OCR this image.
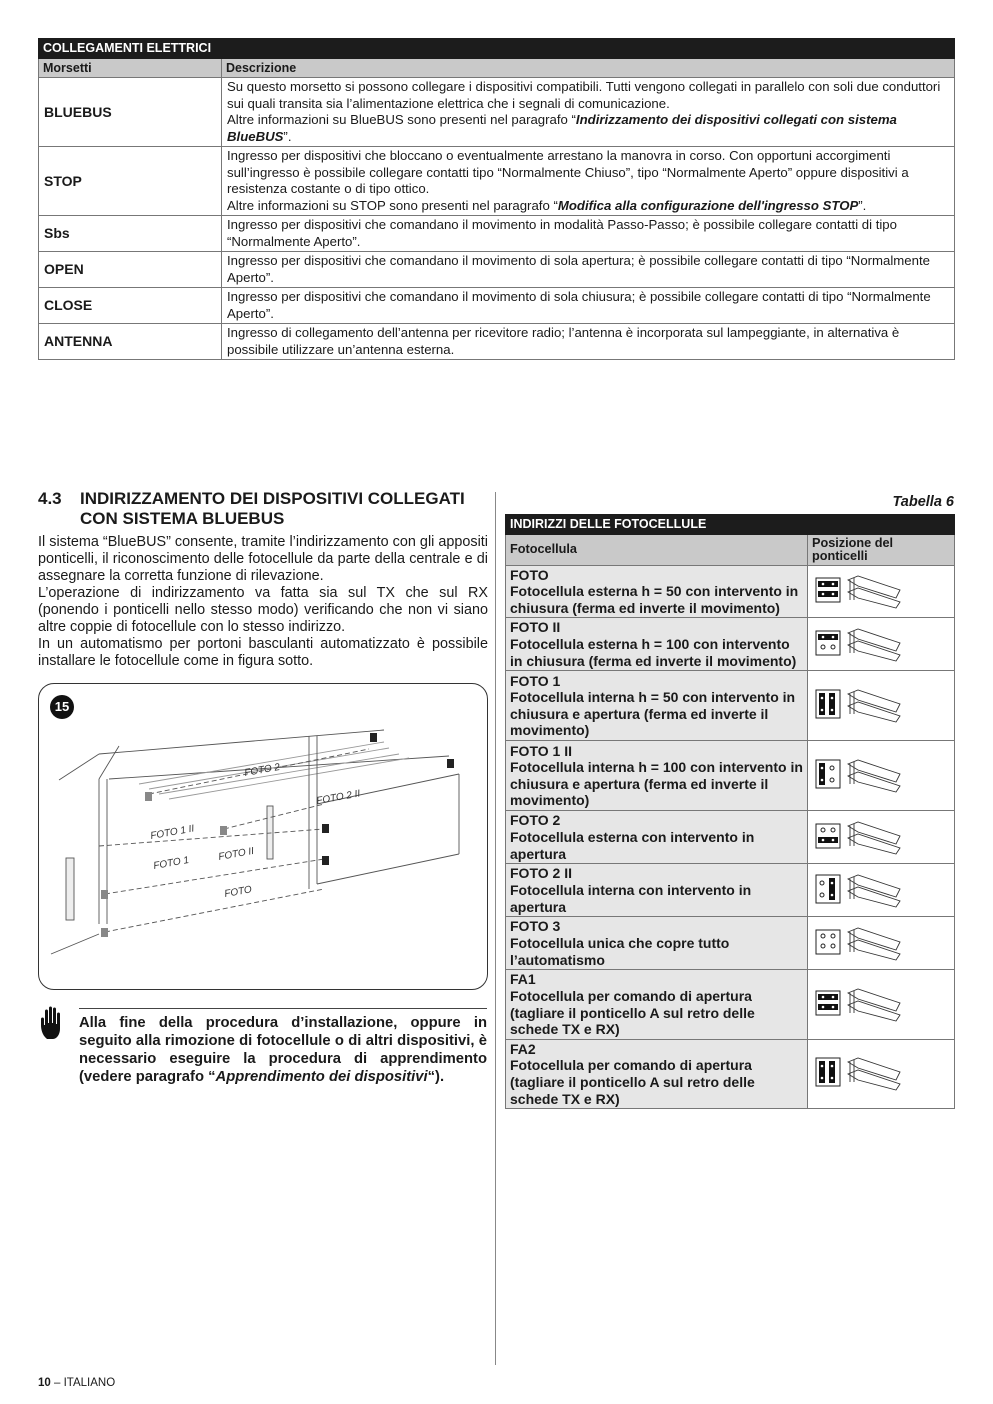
COLLEGAMENTI ELETTRICI	
Morsetti	Descrizione
BLUEBUS	Su questo morsetto si possono collegare i dispositivi compatibili. Tutti vengono collegati in parallelo con soli due conduttori sui quali transita sia l’alimentazione elettrica che i segnali di comunicazione.
Altre informazioni su BlueBUS sono presenti nel paragrafo “Indirizzamento dei dispositivi collegati con sistema BlueBUS”.
STOP	Ingresso per dispositivi che bloccano o eventualmente arrestano la manovra in corso. Con opportuni accorgimenti sull’ingresso è possibile collegare contatti tipo “Normalmente Chiuso”, tipo “Normalmente Aperto” oppure dispositivi a resistenza costante o di tipo ottico.
Altre informazioni su STOP sono presenti nel paragrafo “Modifica alla configurazione dell'ingresso STOP”.
Sbs	Ingresso per dispositivi che comandano il movimento in modalità Passo-Passo; è possibile collegare contatti di tipo “Normalmente Aperto”.
OPEN	Ingresso per dispositivi che comandano il movimento di sola apertura; è possibile collegare contatti di tipo “Normalmente Aperto”.
CLOSE	Ingresso per dispositivi che comandano il movimento di sola chiusura; è possibile collegare contatti di tipo “Normalmente Aperto”.
ANTENNA	Ingresso di collegamento dell’antenna per ricevitore radio; l’antenna è incorporata sul lampeggiante, in alternativa è possibile utilizzare un’antenna esterna.
4.3 INDIRIZZAMENTO DEI DISPOSITIVI COLLEGATI CON SISTEMA BLUEBUS

Il sistema “BlueBUS” consente, tramite l’indirizzamento con gli appositi ponticelli, il riconoscimento delle fotocellule da parte della centrale e di assegnare la corretta funzione di rilevazione.

L’operazione di indirizzamento va fatta sia sul TX che sul RX (ponendo i ponticelli nello stesso modo) verificando che non vi siano altre coppie di fotocellule con lo stesso indirizzo.

In un automatismo per portoni basculanti automatizzato è possibile installare le fotocellule come in figura sotto.

FOTO 2
FOTO 2 II
FOTO 1 II
FOTO 1
FOTO II
FOTO
15
Alla fine della procedura d’installazione, oppure in seguito alla rimozione di fotocellule o di altri dispositivi, è necessario eseguire la procedura di apprendimento (vedere paragrafo “Apprendimento dei dispositivi“).
Tabella 6
INDIRIZZI DELLE FOTOCELLULE	
Fotocellula	Posizione del ponticelli

FOTO
Fotocellula esterna h = 50 con intervento in chiusura (ferma ed inverte il movimento)	

FOTO II
Fotocellula esterna h = 100 con intervento in chiusura (ferma ed inverte il movimento)	

FOTO 1
Fotocellula interna h = 50 con intervento in chiusura e apertura (ferma ed inverte il movimento)	

FOTO 1 II
Fotocellula interna h = 100 con intervento in chiusura e apertura (ferma ed inverte il movimento)	

FOTO 2
Fotocellula esterna con intervento in apertura	

FOTO 2 II
Fotocellula interna con intervento in apertura	

FOTO 3
Fotocellula unica che copre tutto l’automatismo	

FA1
Fotocellula per comando di apertura (tagliare il ponticello A sul retro delle schede TX e RX)	

FA2
Fotocellula per comando di apertura (tagliare il ponticello A sul retro delle schede TX e RX)	
10 – ITALIANO
